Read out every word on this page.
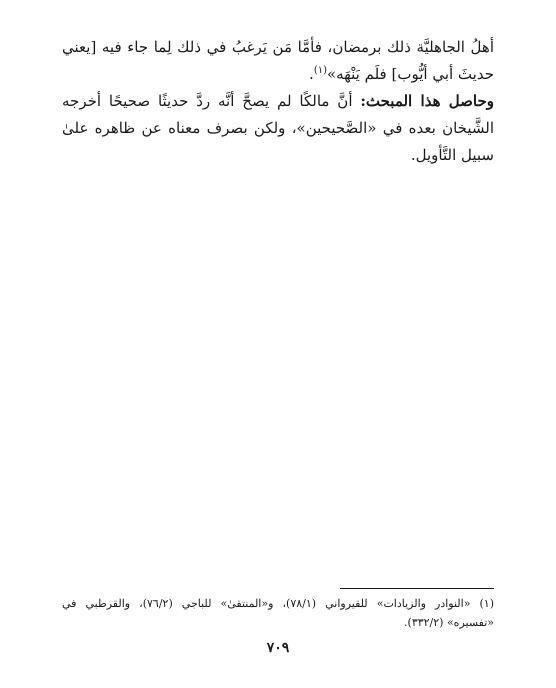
أهلُ الجاهليَّة ذلك برمضان، فأمَّا مَن يَرغبُ في ذلك لِما جاء فيه [يعني حديثَ أبي أيُّوب] فلَم يَنْهَه»$^{(١)}$.

وحاصل هذا المبحث: أنَّ مالكًا لم يصحَّ أنَّه ردَّ حديثًا صحيحًا أخرجه الشَّيخان بعده في «الصَّحيحين»، ولكن بصرف معناه عن ظاهره علىٰ سبيل التَّأويل.

(١) «النوادر والزيادات» للقيرواني (٧٨/١)، و«المنتقىٰ» للباجي (٧٦/٢)، والقرطبي في «تفسيره» (٣٣٢/٢).

٧٠٩
